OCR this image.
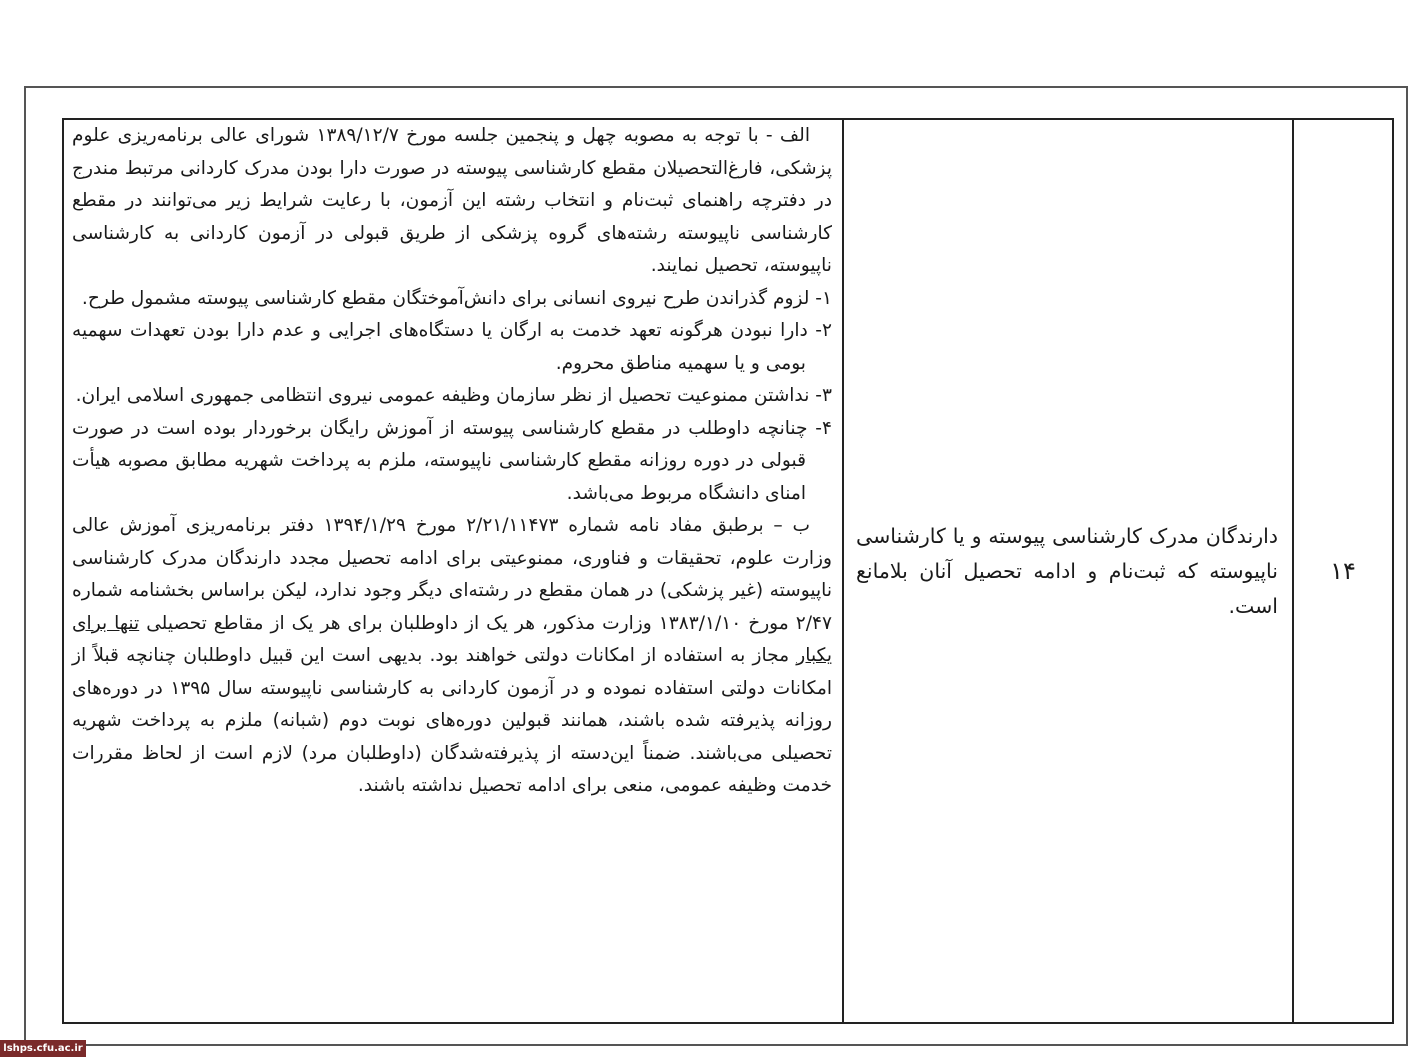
۱۴

دارندگان مدرک کارشناسی پیوسته و یا کارشناسی ناپیوسته که ثبت‌نام و ادامه تحصیل آنان بلامانع است.

الف - با توجه به مصوبه چهل و پنجمین جلسه مورخ ۱۳۸۹/۱۲/۷ شورای عالی برنامه‌ریزی علوم پزشکی، فارغ‌التحصیلان مقطع کارشناسی پیوسته در صورت دارا بودن مدرک کاردانی مرتبط مندرج در دفترچه راهنمای ثبت‌نام و انتخاب رشته این آزمون، با رعایت شرایط زیر می‌توانند در مقطع کارشناسی ناپیوسته رشته‌های گروه پزشکی از طریق قبولی در آزمون کاردانی به کارشناسی ناپیوسته، تحصیل نمایند.

۱- لزوم گذراندن طرح نیروی انسانی برای دانش‌آموختگان مقطع کارشناسی پیوسته مشمول طرح.

۲- دارا نبودن هرگونه تعهد خدمت به ارگان یا دستگاه‌های اجرایی و عدم دارا بودن تعهدات سهمیه بومی و یا سهمیه مناطق محروم.

۳- نداشتن ممنوعیت تحصیل از نظر سازمان وظیفه عمومی نیروی انتظامی جمهوری اسلامی ایران.

۴- چنانچه داوطلب در مقطع کارشناسی پیوسته از آموزش رایگان برخوردار بوده است در صورت قبولی در دوره روزانه مقطع کارشناسی ناپیوسته، ملزم به پرداخت شهریه مطابق مصوبه هیأت امنای دانشگاه مربوط می‌باشد.

ب – برطبق مفاد نامه شماره ۲/۲۱/۱۱۴۷۳ مورخ ۱۳۹۴/۱/۲۹ دفتر برنامه‌ریزی آموزش عالی وزارت علوم، تحقیقات و فناوری، ممنوعیتی برای ادامه تحصیل مجدد دارندگان مدرک کارشناسی ناپیوسته (غیر پزشکی) در همان مقطع در رشته‌ای دیگر وجود ندارد، لیکن براساس بخشنامه شماره ۲/۴۷ مورخ ۱۳۸۳/۱/۱۰ وزارت مذکور، هر یک از داوطلبان برای هر یک از مقاطع تحصیلی تنها برای یکبار مجاز به استفاده از امکانات دولتی خواهند بود. بدیهی است این قبیل داوطلبان چنانچه قبلاً از امکانات دولتی استفاده نموده و در آزمون کاردانی به کارشناسی ناپیوسته سال ۱۳۹۵ در دوره‌های روزانه پذیرفته شده باشند، همانند قبولین دوره‌های نوبت دوم (شبانه) ملزم به پرداخت شهریه تحصیلی می‌باشند. ضمناً این‌دسته از پذیرفته‌شدگان (داوطلبان مرد) لازم است از لحاظ مقررات خدمت وظیفه عمومی، منعی برای ادامه تحصیل نداشته باشند.

lshps.cfu.ac.ir
